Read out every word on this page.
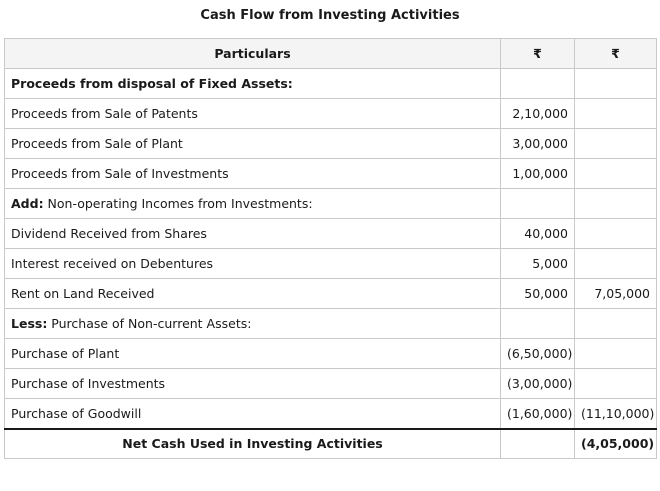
Cash Flow from Investing Activities
Particulars	₹	₹
Proceeds from disposal of Fixed Assets:		
Proceeds from Sale of Patents	2,10,000	
Proceeds from Sale of Plant	3,00,000	
Proceeds from Sale of Investments	1,00,000	
Add: Non-operating Incomes from Investments:		
Dividend Received from Shares	40,000	
Interest received on Debentures	5,000	
Rent on Land Received	50,000	7,05,000
Less: Purchase of Non-current Assets:		
Purchase of Plant	(6,50,000)	
Purchase of Investments	(3,00,000)	
Purchase of Goodwill	(1,60,000)	(11,10,000)
Net Cash Used in Investing Activities		(4,05,000)
